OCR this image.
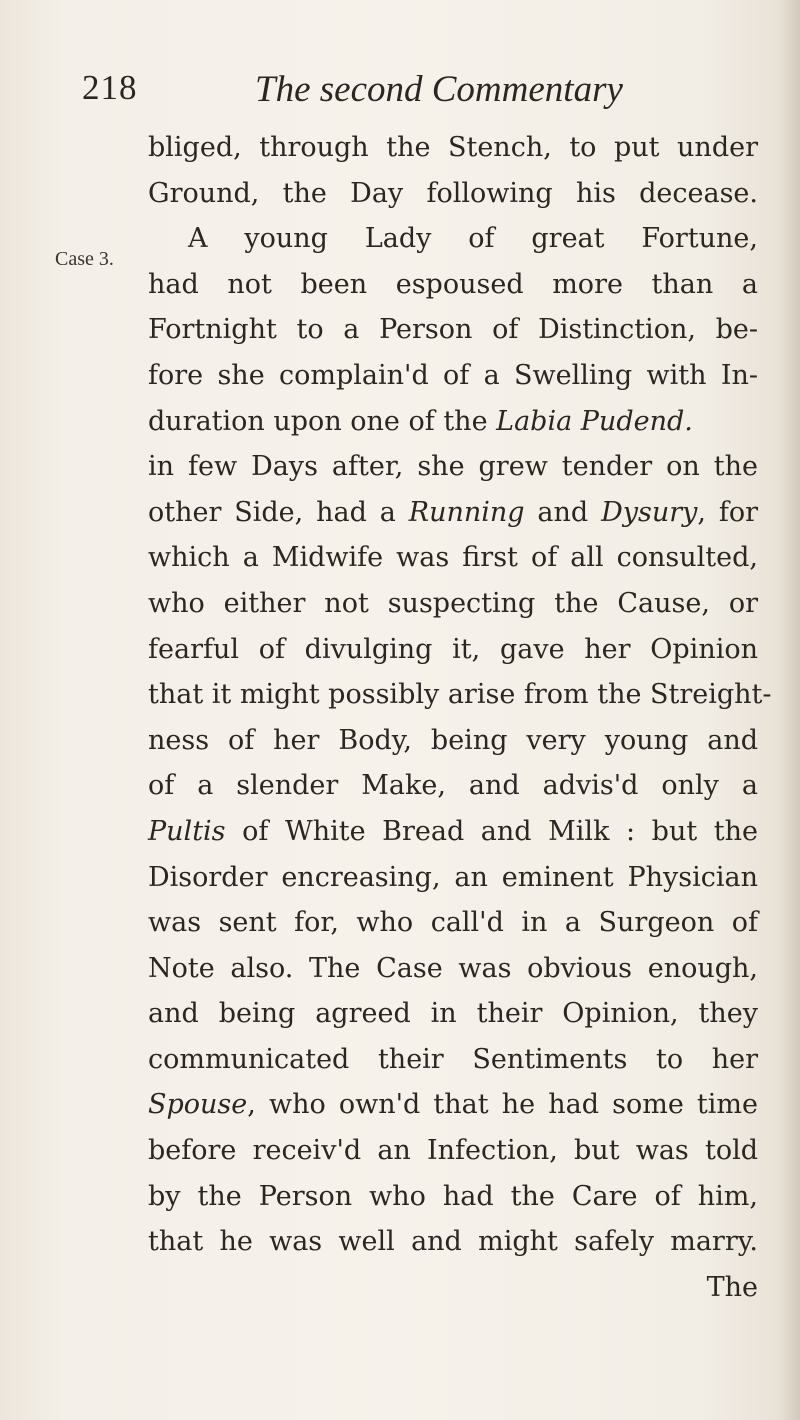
218	The second Commentary
Case 3.
bliged, through the Stench, to put under
Ground, the Day following his decease.
A young Lady of great Fortune,
had not been espoused more than a
Fortnight to a Person of Distinction, be-
fore she complain'd of a Swelling with In-
duration upon one of the Labia Pudend.
in few Days after, she grew tender on the
other Side, had a Running and Dysury, for
which a Midwife was first of all consulted,
who either not suspecting the Cause, or
fearful of divulging it, gave her Opinion
that it might possibly arise from the Streight-
ness of her Body, being very young and
of a slender Make, and advis'd only a
Pultis of White Bread and Milk : but the
Disorder encreasing, an eminent Physician
was sent for, who call'd in a Surgeon of
Note also. The Case was obvious enough,
and being agreed in their Opinion, they
communicated their Sentiments to her
Spouse, who own'd that he had some time
before receiv'd an Infection, but was told
by the Person who had the Care of him,
that he was well and might safely marry.
The
